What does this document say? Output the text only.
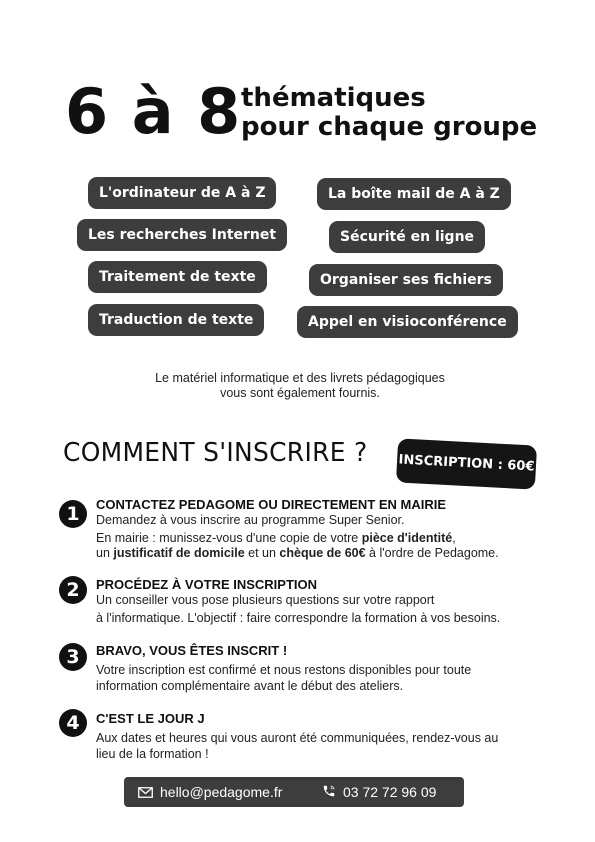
6 à 8 thématiques
pour chaque groupe
L'ordinateur de A à Z
Les recherches Internet
Traitement de texte
Traduction de texte
La boîte mail de A à Z
Sécurité en ligne
Organiser ses fichiers
Appel en visioconférence
Le matériel informatique et des livrets pédagogiques
vous sont également fournis.
COMMENT S'INSCRIRE ? INSCRIPTION : 60€
1	CONTACTEZ PEDAGOME OU DIRECTEMENT EN MAIRIE
Demandez à vous inscrire au programme Super Senior.
En mairie : munissez-vous d'une copie de votre pièce d'identité,
un justificatif de domicile et un chèque de 60€ à l'ordre de Pedagome.
2	PROCÉDEZ À VOTRE INSCRIPTION
Un conseiller vous pose plusieurs questions sur votre rapport
à l'informatique. L'objectif : faire correspondre la formation à vos besoins.
3	BRAVO, VOUS ÊTES INSCRIT !
Votre inscription est confirmé et nous restons disponibles pour toute
information complémentaire avant le début des ateliers.
4	C'EST LE JOUR J
Aux dates et heures qui vous auront été communiquées, rendez-vous au
lieu de la formation !
hello@pedagome.fr	03 72 72 96 09
